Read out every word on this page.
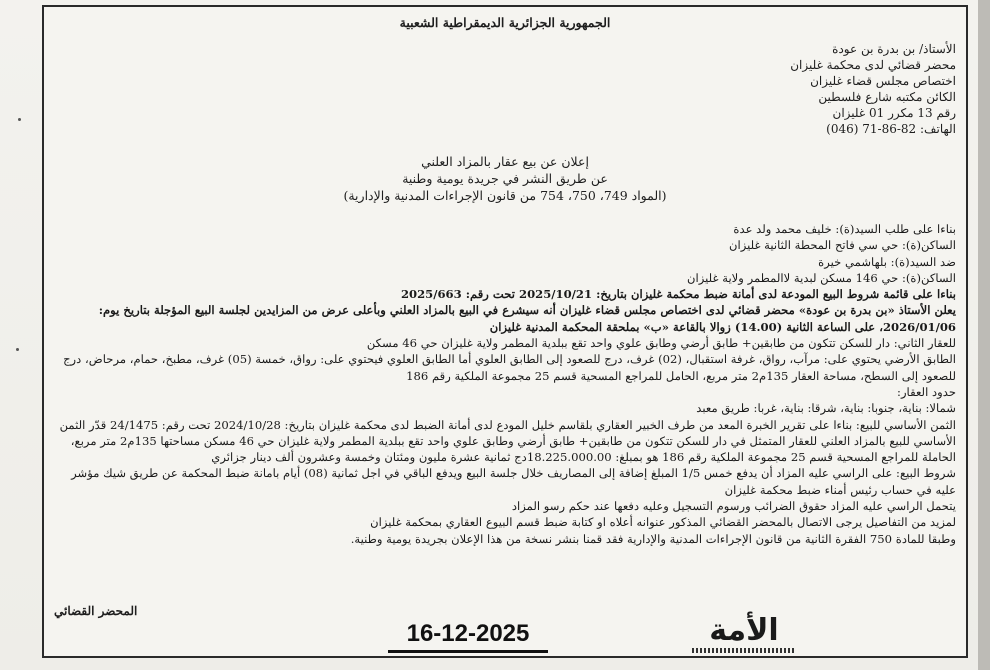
الجمهورية الجزائرية الديمقراطية الشعبية
الأستاذ/ بن بدرة بن عودة
محضر قضائي لدى محكمة غليزان
اختصاص مجلس قضاء غليزان
الكائن مكتبه شارع فلسطين
رقم 13 مكرر 01 غليزان
الهاتف: 82-86-71 (046)
إعلان عن بيع عقار بالمزاد العلني
عن طريق النشر في جريدة يومية وطنية
(المواد 749، 750، 754 من قانون الإجراءات المدنية والإدارية)

بناءا على طلب السيد(ة): خليف محمد ولد عدة

الساكن(ة): حي سي فاتح المحطة الثانية غليزان

ضد السيد(ة): بلهاشمي خيرة

الساكن(ة): حي 146 مسكن لبدية لاالمطمر ولاية غليزان

بناءا على قائمة شروط البيع المودعة لدى أمانة ضبط محكمة غليزان بتاريخ: 2025/10/21 تحت رقم: 2025/663

يعلن الأستاذ «بن بدرة بن عودة» محضر قضائي لدى اختصاص مجلس قضاء غليزان أنه سيشرع في البيع بالمزاد العلني وبأعلى عرض من المزايدين لجلسة البيع المؤجلة بتاريخ يوم: 2026/01/06، على الساعة الثانية (14.00) زوالا بالقاعة «ب» بملحقة المحكمة المدنية غليزان

للعقار الثاني: دار للسكن تتكون من طابقين+ طابق أرضي وطابق علوي واحد تقع ببلدية المطمر ولاية غليزان حي 46 مسكن

الطابق الأرضي يحتوي على: مرآب، رواق، غرفة استقبال، (02) غرف، درج للصعود إلى الطابق العلوي أما الطابق العلوي فيحتوي على: رواق، خمسة (05) غرف، مطبخ، حمام، مرحاض، درج للصعود إلى السطح، مساحة العقار 135م2 متر مربع، الحامل للمراجع المسحية قسم 25 مجموعة الملكية رقم 186

حدود العقار:

شمالا: بناية، جنوبا: بناية، شرقا: بناية، غربا: طريق معبد

الثمن الأساسي للبيع: بناءا على تقرير الخبرة المعد من طرف الخبير العقاري بلقاسم خليل المودع لدى أمانة الضبط لدى محكمة غليزان بتاريخ: 2024/10/28 تحت رقم: 24/1475 قدّر الثمن الأساسي للبيع بالمزاد العلني للعقار المتمثل في دار للسكن تتكون من طابقين+ طابق أرضي وطابق علوي واحد تقع ببلدية المطمر ولاية غليزان حي 46 مسكن مساحتها 135م2 متر مربع، الحاملة للمراجع المسحية قسم 25 مجموعة الملكية رقم 186 هو بمبلغ: 18.225.000.00دج ثمانية عشرة مليون ومئتان وخمسة وعشرون ألف دينار جزائري

شروط البيع: على الراسي عليه المزاد أن يدفع خمس 1/5 المبلغ إضافة إلى المصاريف خلال جلسة البيع ويدفع الباقي في اجل ثمانية (08) أيام بامانة ضبط المحكمة عن طريق شيك مؤشر عليه في حساب رئيس أمناء ضبط محكمة غليزان

يتحمل الراسي عليه المزاد حقوق الضرائب ورسوم التسجيل وعليه دفعها عند حكم رسو المزاد

لمزيد من التفاصيل يرجى الاتصال بالمحضر القضائي المذكور عنوانه أعلاه او كتابة ضبط قسم البيوع العقاري بمحكمة غليزان

وطبقا للمادة 750 الفقرة الثانية من قانون الإجراءات المدنية والإدارية فقد قمنا بنشر نسخة من هذا الإعلان بجريدة يومية وطنية.

المحضر القضائي
16-12-2025	الأمة
